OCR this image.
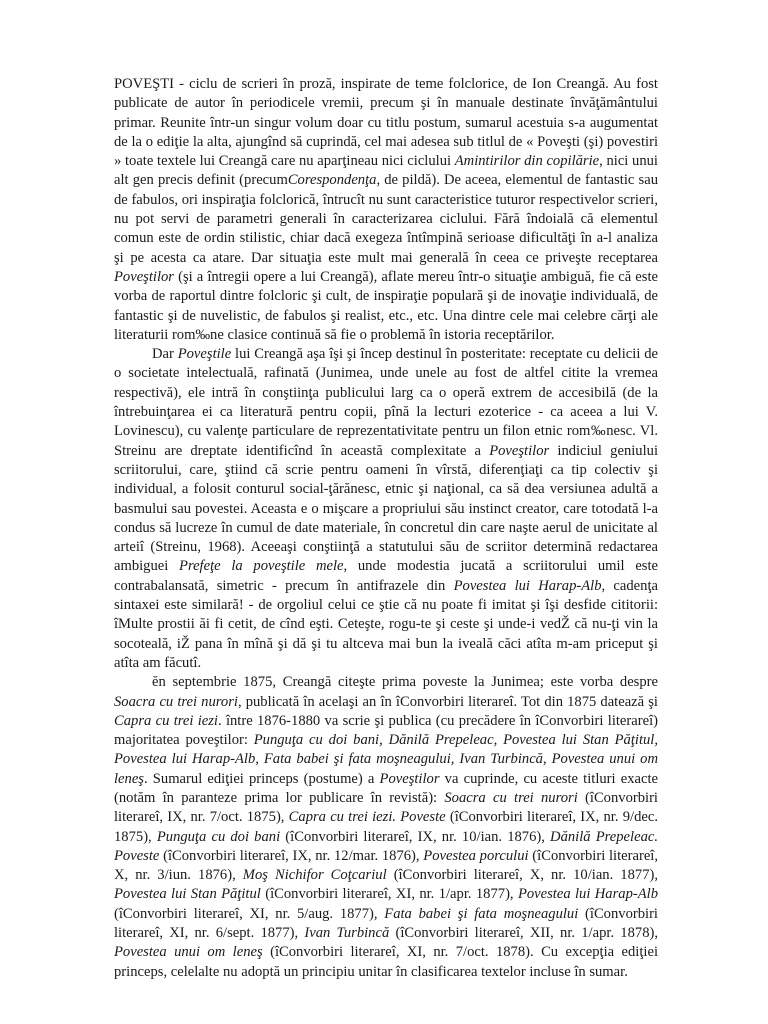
POVEŞTI - ciclu de scrieri în proză, inspirate de teme folclorice, de Ion Creangă. Au fost publicate de autor în periodicele vremii, precum şi în manuale destinate învăţământului primar. Reunite într-un singur volum doar cu titlu postum, sumarul acestuia s-a augumentat de la o ediţie la alta, ajungînd să cuprindă, cel mai adesea sub titlul de « Poveşti (şi) povestiri » toate textele lui Creangă care nu aparţineau nici ciclului Amintirilor din copilărie, nici unui alt gen precis definit (precumCorespondenţa, de pildă). De aceea, elementul de fantastic sau de fabulos, ori inspiraţia folclorică, întrucît nu sunt caracteristice tuturor respectivelor scrieri, nu pot servi de parametri generali în caracterizarea ciclului. Fără îndoială că elementul comun este de ordin stilistic, chiar dacă exegeza întîmpină serioase dificultăţi în a-l analiza şi pe acesta ca atare. Dar situaţia este mult mai generală în ceea ce priveşte receptarea Poveştilor (şi a întregii opere a lui Creangă), aflate mereu într-o situaţie ambiguă, fie că este vorba de raportul dintre folcloric şi cult, de inspiraţie populară şi de inovaţie individuală, de fantastic şi de nuvelistic, de fabulos şi realist, etc., etc. Una dintre cele mai celebre cărţi ale literaturii rom‰ne clasice continuă să fie o problemă în istoria receptărilor.

Dar Poveştile lui Creangă aşa îşi şi încep destinul în posteritate: receptate cu delicii de o societate intelectuală, rafinată (Junimea, unde unele au fost de altfel citite la vremea respectivă), ele intră în conştiinţa publicului larg ca o operă extrem de accesibilă (de la întrebuinţarea ei ca literatură pentru copii, pînă la lecturi ezoterice - ca aceea a lui V. Lovinescu), cu valenţe particulare de reprezentativitate pentru un filon etnic rom‰nesc. Vl. Streinu are dreptate identificînd în această complexitate a Poveştilor indiciul geniului scriitorului, care, ştiind că scrie pentru oameni în vîrstă, diferenţiaţi ca tip colectiv şi individual, a folosit conturul social-ţărănesc, etnic şi naţional, ca să dea versiunea adultă a basmului sau povestei. Aceasta e o mişcare a propriului său instinct creator, care totodată l-a condus să lucreze în cumul de date materiale, în concretul din care naşte aerul de unicitate al arteiî (Streinu, 1968). Aceeaşi conştiinţă a statutului său de scriitor determină redactarea ambiguei Prefeţe la poveştile mele, unde modestia jucată a scriitorului umil este contrabalansată, simetric - precum în antifrazele din Povestea lui Harap-Alb, cadenţa sintaxei este similară! - de orgoliul celui ce ştie că nu poate fi imitat şi îşi desfide cititorii: îMulte prostii ăi fi cetit, de cînd eşti. Ceteşte, rogu-te şi ceste şi unde-i vedŽ că nu-ţi vin la socoteală, iŽ pana în mînă şi dă şi tu altceva mai bun la iveală căci atîta m-am priceput şi atîta am făcutî.

ĕn septembrie 1875, Creangă citeşte prima poveste la Junimea; este vorba despre Soacra cu trei nurori, publicată în acelaşi an în îConvorbiri literareî. Tot din 1875 datează şi Capra cu trei iezi. între 1876-1880 va scrie şi publica (cu precădere în îConvorbiri literareî) majoritatea poveştilor: Punguţa cu doi bani, Dănilă Prepeleac, Povestea lui Stan Păţitul, Povestea lui Harap-Alb, Fata babei şi fata moşneagului, Ivan Turbincă, Povestea unui om leneş. Sumarul ediţiei princeps (postume) a Poveştilor va cuprinde, cu aceste titluri exacte (notăm în paranteze prima lor publicare în revistă): Soacra cu trei nurori (îConvorbiri literareî, IX, nr. 7/oct. 1875), Capra cu trei iezi. Poveste (îConvorbiri literareî, IX, nr. 9/dec. 1875), Punguţa cu doi bani (îConvorbiri literareî, IX, nr. 10/ian. 1876), Dănilă Prepeleac. Poveste (îConvorbiri literareî, IX, nr. 12/mar. 1876), Povestea porcului (îConvorbiri literareî, X, nr. 3/iun. 1876), Moş Nichifor Coţcariul (îConvorbiri literareî, X, nr. 10/ian. 1877), Povestea lui Stan Păţitul (îConvorbiri literareî, XI, nr. 1/apr. 1877), Povestea lui Harap-Alb (îConvorbiri literareî, XI, nr. 5/aug. 1877), Fata babei şi fata moşneagului (îConvorbiri literareî, XI, nr. 6/sept. 1877), Ivan Turbincă (îConvorbiri literareî, XII, nr. 1/apr. 1878), Povestea unui om leneş (îConvorbiri literareî, XI, nr. 7/oct. 1878). Cu excepţia ediţiei princeps, celelalte nu adoptă un principiu unitar în clasificarea textelor incluse în sumar.
